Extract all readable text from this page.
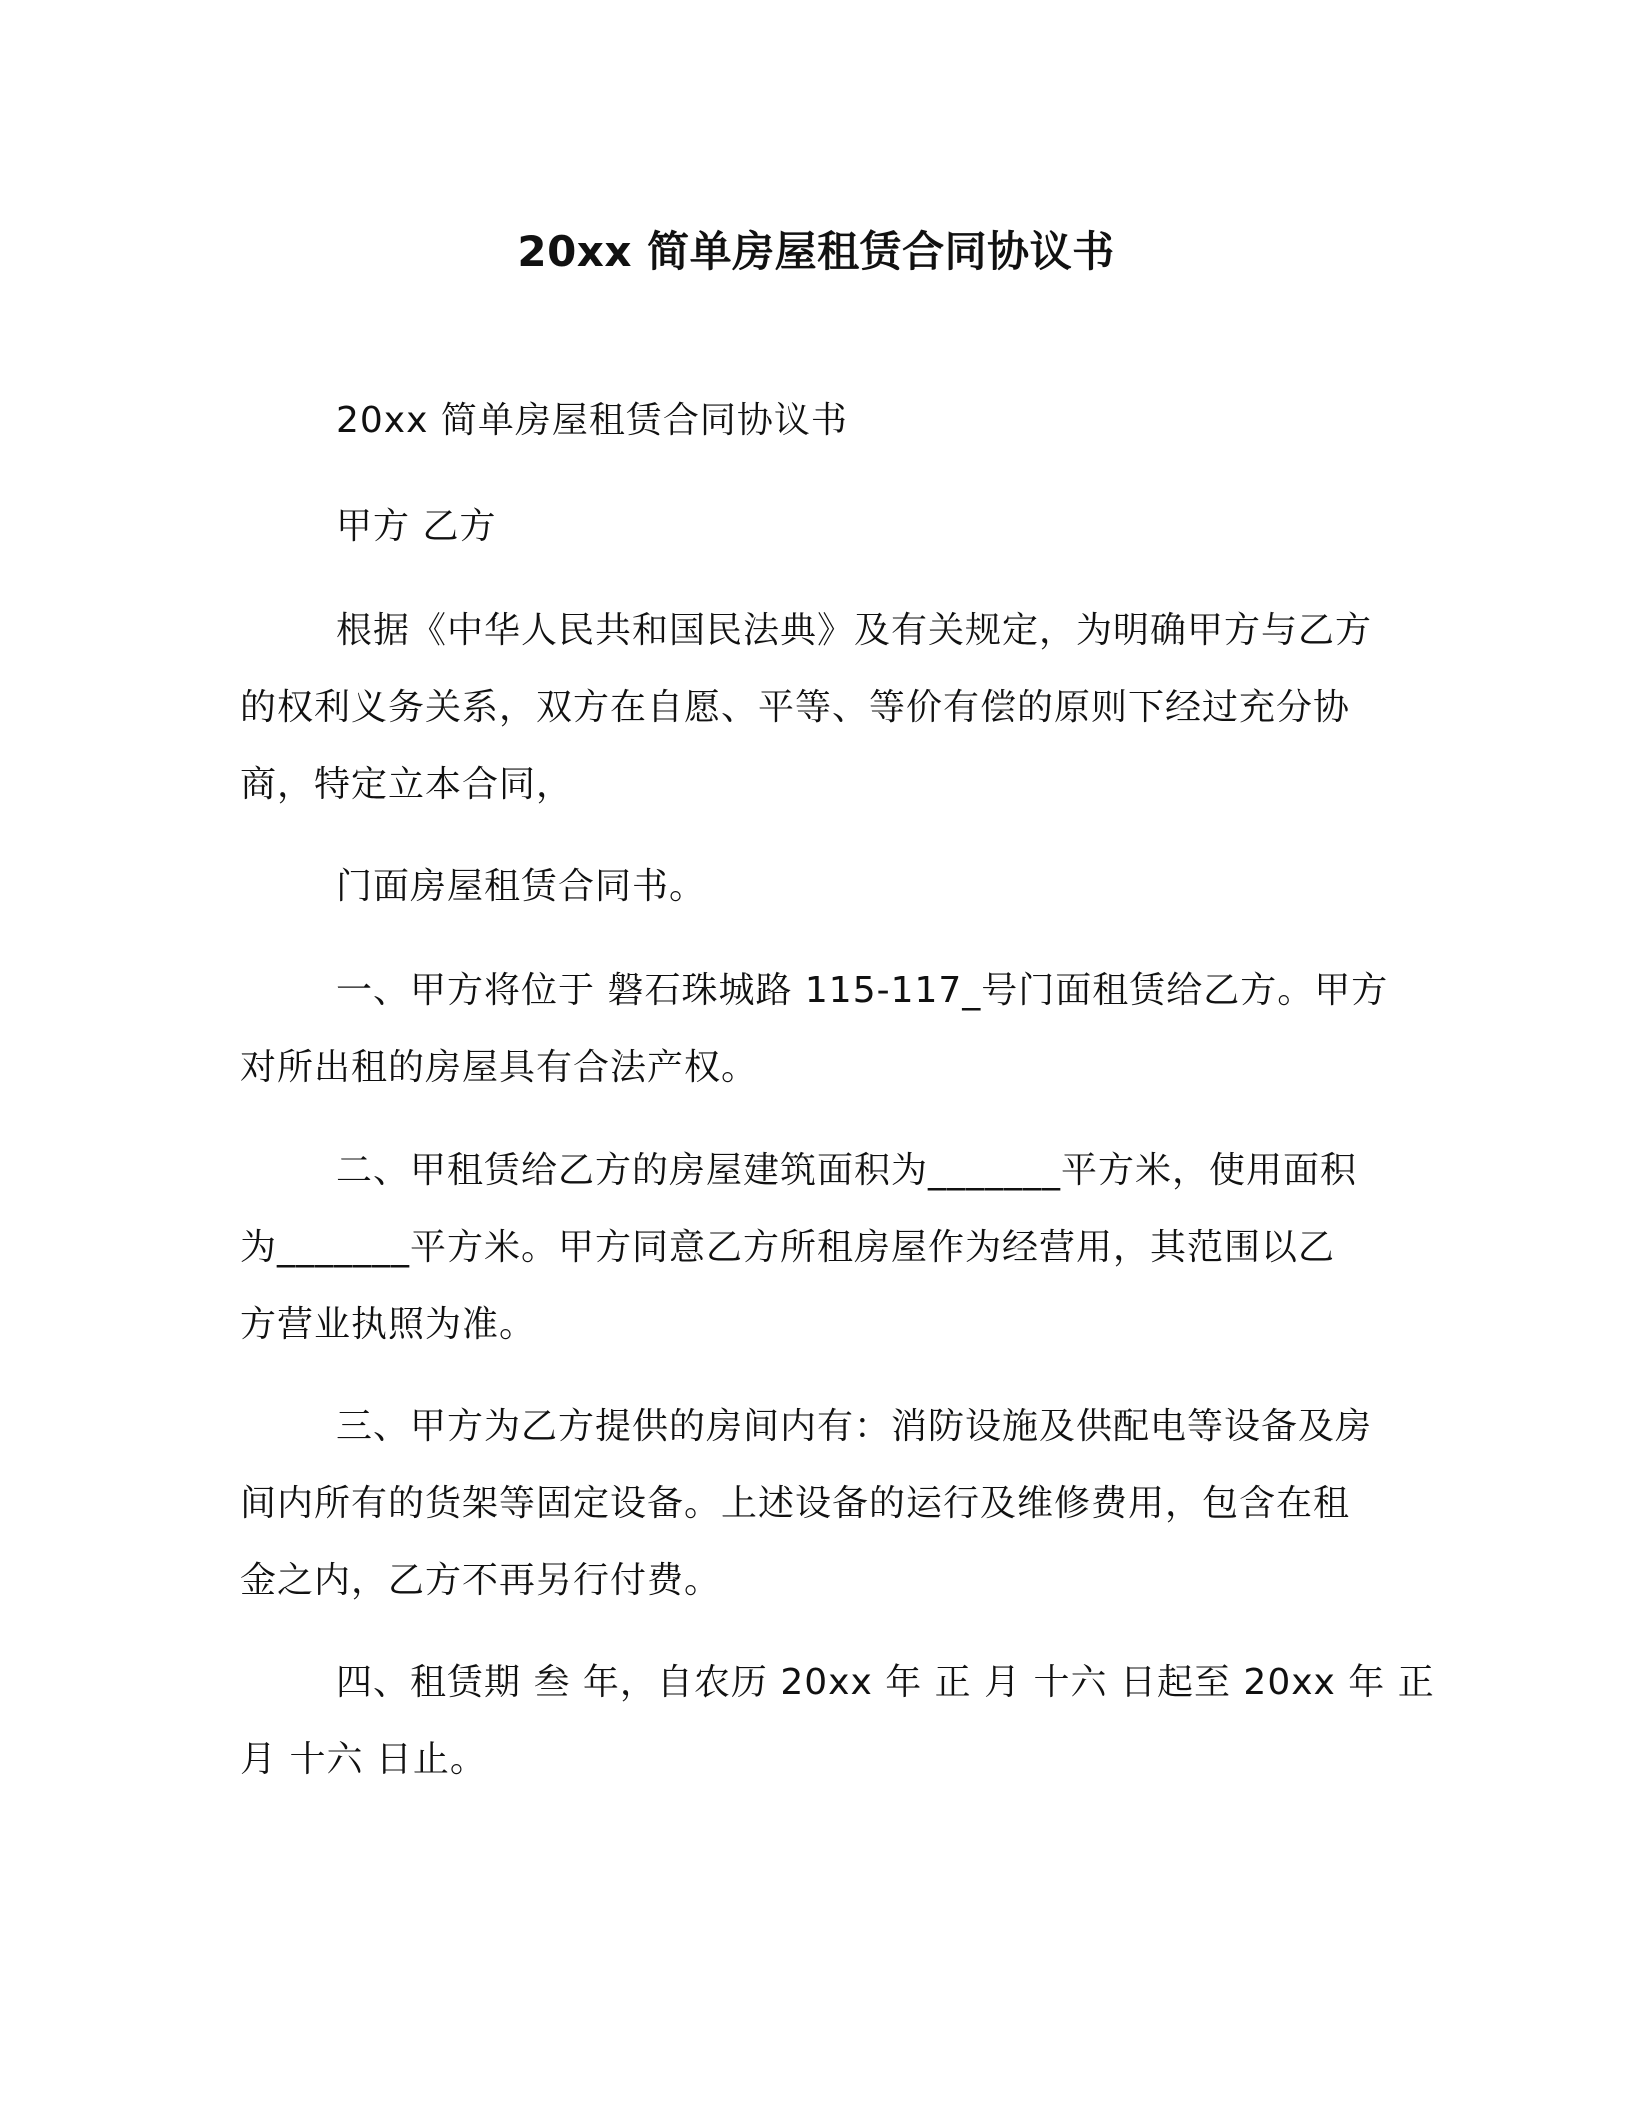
20xx 简单房屋租赁合同协议书
20xx 简单房屋租赁合同协议书
甲方 乙方
根据《中华人民共和国民法典》及有关规定，为明确甲方与乙方
的权利义务关系，双方在自愿、平等、等价有偿的原则下经过充分协
商，特定立本合同，
门面房屋租赁合同书。
一、甲方将位于 磐石珠城路 115-117_号门面租赁给乙方。甲方
对所出租的房屋具有合法产权。
二、甲租赁给乙方的房屋建筑面积为_______平方米，使用面积
为_______平方米。甲方同意乙方所租房屋作为经营用，其范围以乙
方营业执照为准。
三、甲方为乙方提供的房间内有：消防设施及供配电等设备及房
间内所有的货架等固定设备。上述设备的运行及维修费用，包含在租
金之内，乙方不再另行付费。
四、租赁期 叁 年，自农历 20xx 年 正 月 十六 日起至 20xx 年 正
月 十六 日止。
